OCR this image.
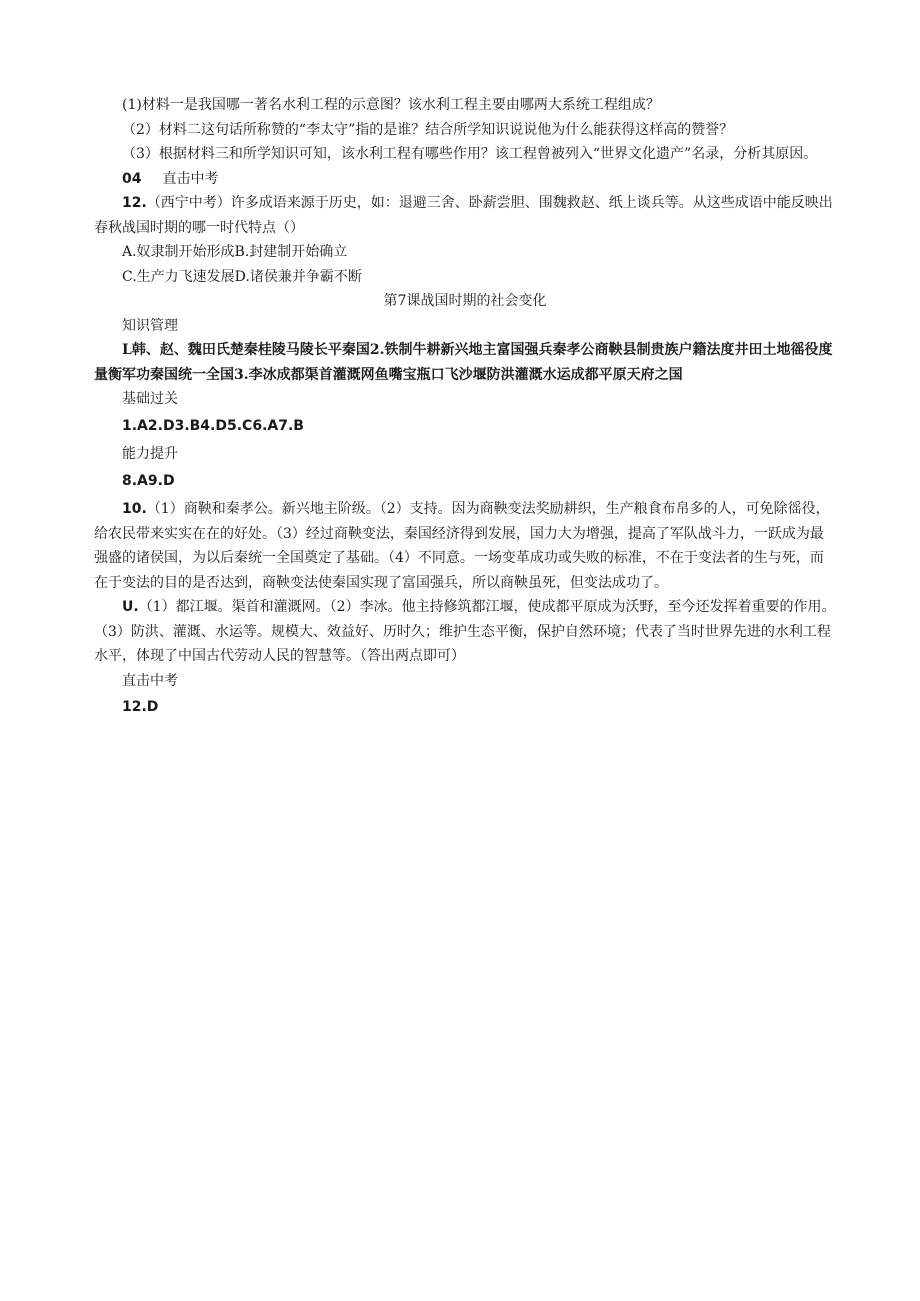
(1)材料一是我国哪一著名水利工程的示意图？该水利工程主要由哪两大系统工程组成？

（2）材料二这句话所称赞的“李太守”指的是谁？结合所学知识说说他为什么能获得这样高的赞誉？

（3）根据材料三和所学知识可知，该水利工程有哪些作用？该工程曾被列入“世界文化遗产”名录，分析其原因。

04   直击中考

12.（西宁中考）许多成语来源于历史，如：退避三舍、卧薪尝胆、围魏救赵、纸上谈兵等。从这些成语中能反映出春秋战国时期的哪一时代特点（）

A.奴隶制开始形成B.封建制开始确立

C.生产力飞速发展D.诸侯兼并争霸不断

第7课战国时期的社会变化

知识管理

L韩、赵、魏田氏楚秦桂陵马陵长平秦国2.铁制牛耕新兴地主富国强兵秦孝公商鞅县制贵族户籍法度井田土地徭役度量衡军功秦国统一全国3.李冰成都渠首灌溉网鱼嘴宝瓶口飞沙堰防洪灌溉水运成都平原天府之国

基础过关

1.A2.D3.B4.D5.C6.A7.B

能力提升

8.A9.D

10.（1）商鞅和秦孝公。新兴地主阶级。（2）支持。因为商鞅变法奖励耕织，生产粮食布帛多的人，可免除徭役，给农民带来实实在在的好处。（3）经过商鞅变法，秦国经济得到发展，国力大为增强，提高了军队战斗力，一跃成为最强盛的诸侯国，为以后秦统一全国奠定了基础。（4）不同意。一场变革成功或失败的标准，不在于变法者的生与死，而在于变法的目的是否达到，商鞅变法使秦国实现了富国强兵，所以商鞅虽死，但变法成功了。

U.（1）都江堰。渠首和灌溉网。（2）李冰。他主持修筑都江堰，使成都平原成为沃野，至今还发挥着重要的作用。（3）防洪、灌溉、水运等。规模大、效益好、历时久；维护生态平衡，保护自然环境；代表了当时世界先进的水利工程水平，体现了中国古代劳动人民的智慧等。（答出两点即可）

直击中考

12.D
